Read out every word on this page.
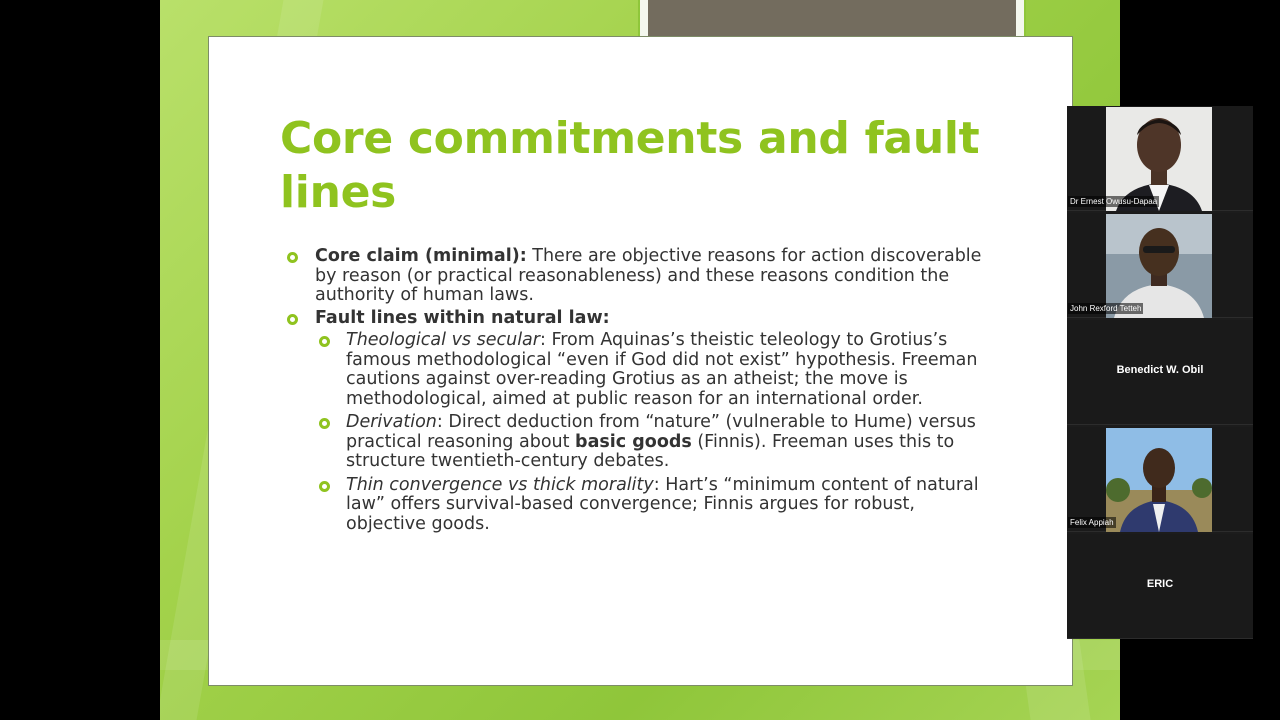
Core commitments and fault lines
Core claim (minimal): There are objective reasons for action discoverable by reason (or practical reasonableness) and these reasons condition the authority of human laws.
Fault lines within natural law:
Theological vs secular: From Aquinas’s theistic teleology to Grotius’s famous methodological “even if God did not exist” hypothesis. Freeman cautions against over-reading Grotius as an atheist; the move is methodological, aimed at public reason for an international order.
Derivation: Direct deduction from “nature” (vulnerable to Hume) versus practical reasoning about basic goods (Finnis). Freeman uses this to structure twentieth-century debates.
Thin convergence vs thick morality: Hart’s “minimum content of natural law” offers survival-based convergence; Finnis argues for robust, objective goods.
Dr Ernest Owusu-Dapaa
John Rexford Tetteh
Benedict W. Obil
Felix Appiah
ERIC
